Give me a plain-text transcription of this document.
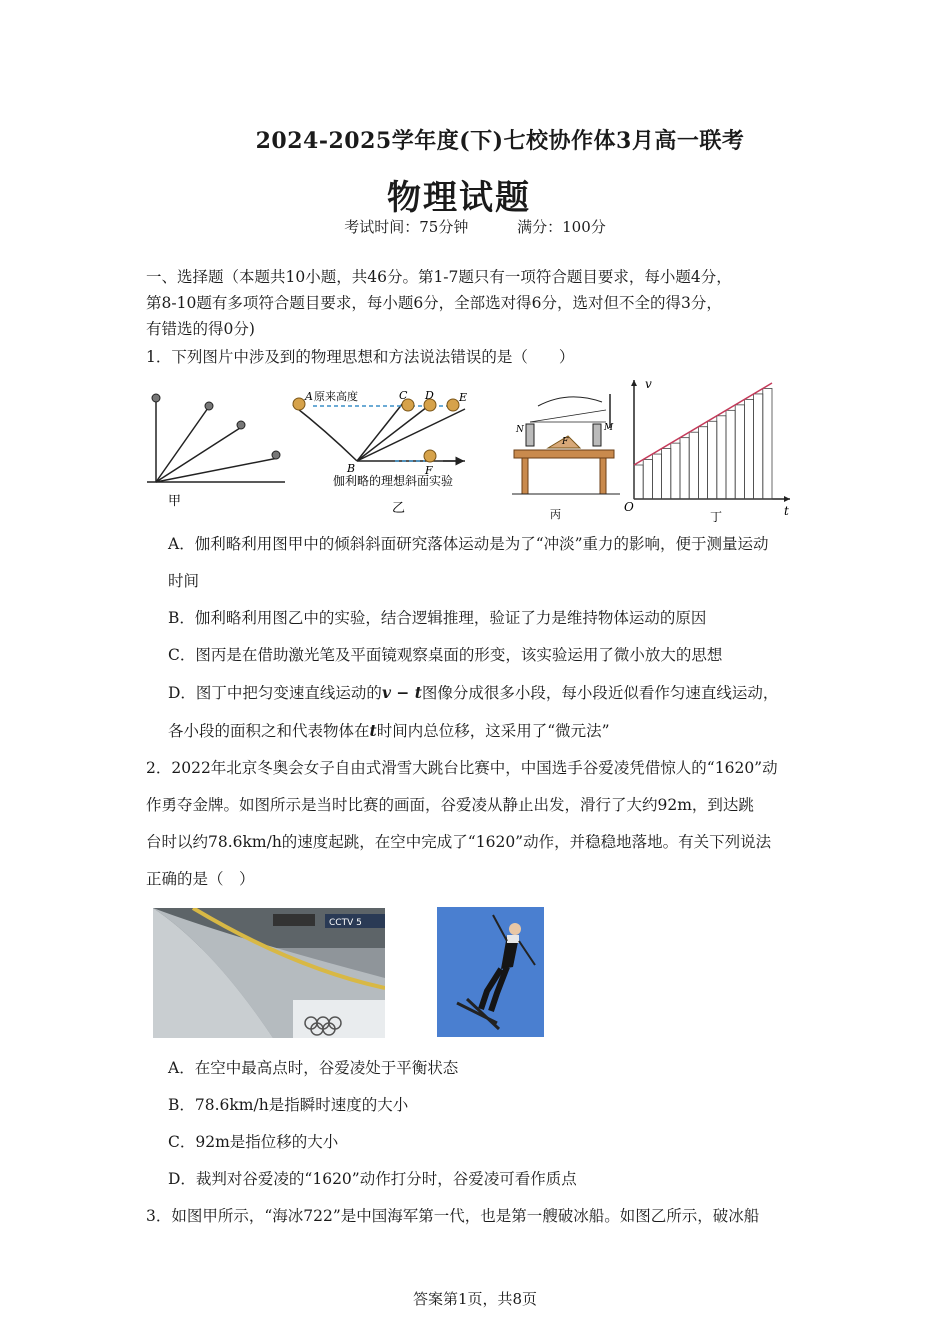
2024-2025学年度(下)七校协作体3月高一联考
物理试题
考试时间：75分钟	满分：100分
一、选择题（本题共10小题，共46分。第1-7题只有一项符合题目要求，每小题4分，
第8-10题有多项符合题目要求，每小题6分，全部选对得6分，选对但不全的得3分，
有错选的得0分)
1．下列图片中涉及到的物理思想和方法说法错误的是（　　）
甲
A 原来高度	C D E
B	F
伽利略的理想斜面实验
乙
N	M
F
丙
v
t
O
丁
A．伽利略利用图甲中的倾斜斜面研究落体运动是为了“冲淡”重力的影响，便于测量运动
时间
B．伽利略利用图乙中的实验，结合逻辑推理，验证了力是维持物体运动的原因
C．图丙是在借助激光笔及平面镜观察桌面的形变，该实验运用了微小放大的思想
D．图丁中把匀变速直线运动的v − t图像分成很多小段，每小段近似看作匀速直线运动，
各小段的面积之和代表物体在t时间内总位移，这采用了“微元法”
2．2022年北京冬奥会女子自由式滑雪大跳台比赛中，中国选手谷爱凌凭借惊人的“1620”动
作勇夺金牌。如图所示是当时比赛的画面，谷爱凌从静止出发，滑行了大约92m，到达跳
台时以约78.6km/h的速度起跳，在空中完成了“1620”动作，并稳稳地落地。有关下列说法
正确的是（　）
CCTV 5
A．在空中最高点时，谷爱凌处于平衡状态
B．78.6km/h是指瞬时速度的大小
C．92m是指位移的大小
D．裁判对谷爱凌的“1620”动作打分时，谷爱凌可看作质点
3．如图甲所示，“海冰722”是中国海军第一代，也是第一艘破冰船。如图乙所示，破冰船
答案第1页，共8页
